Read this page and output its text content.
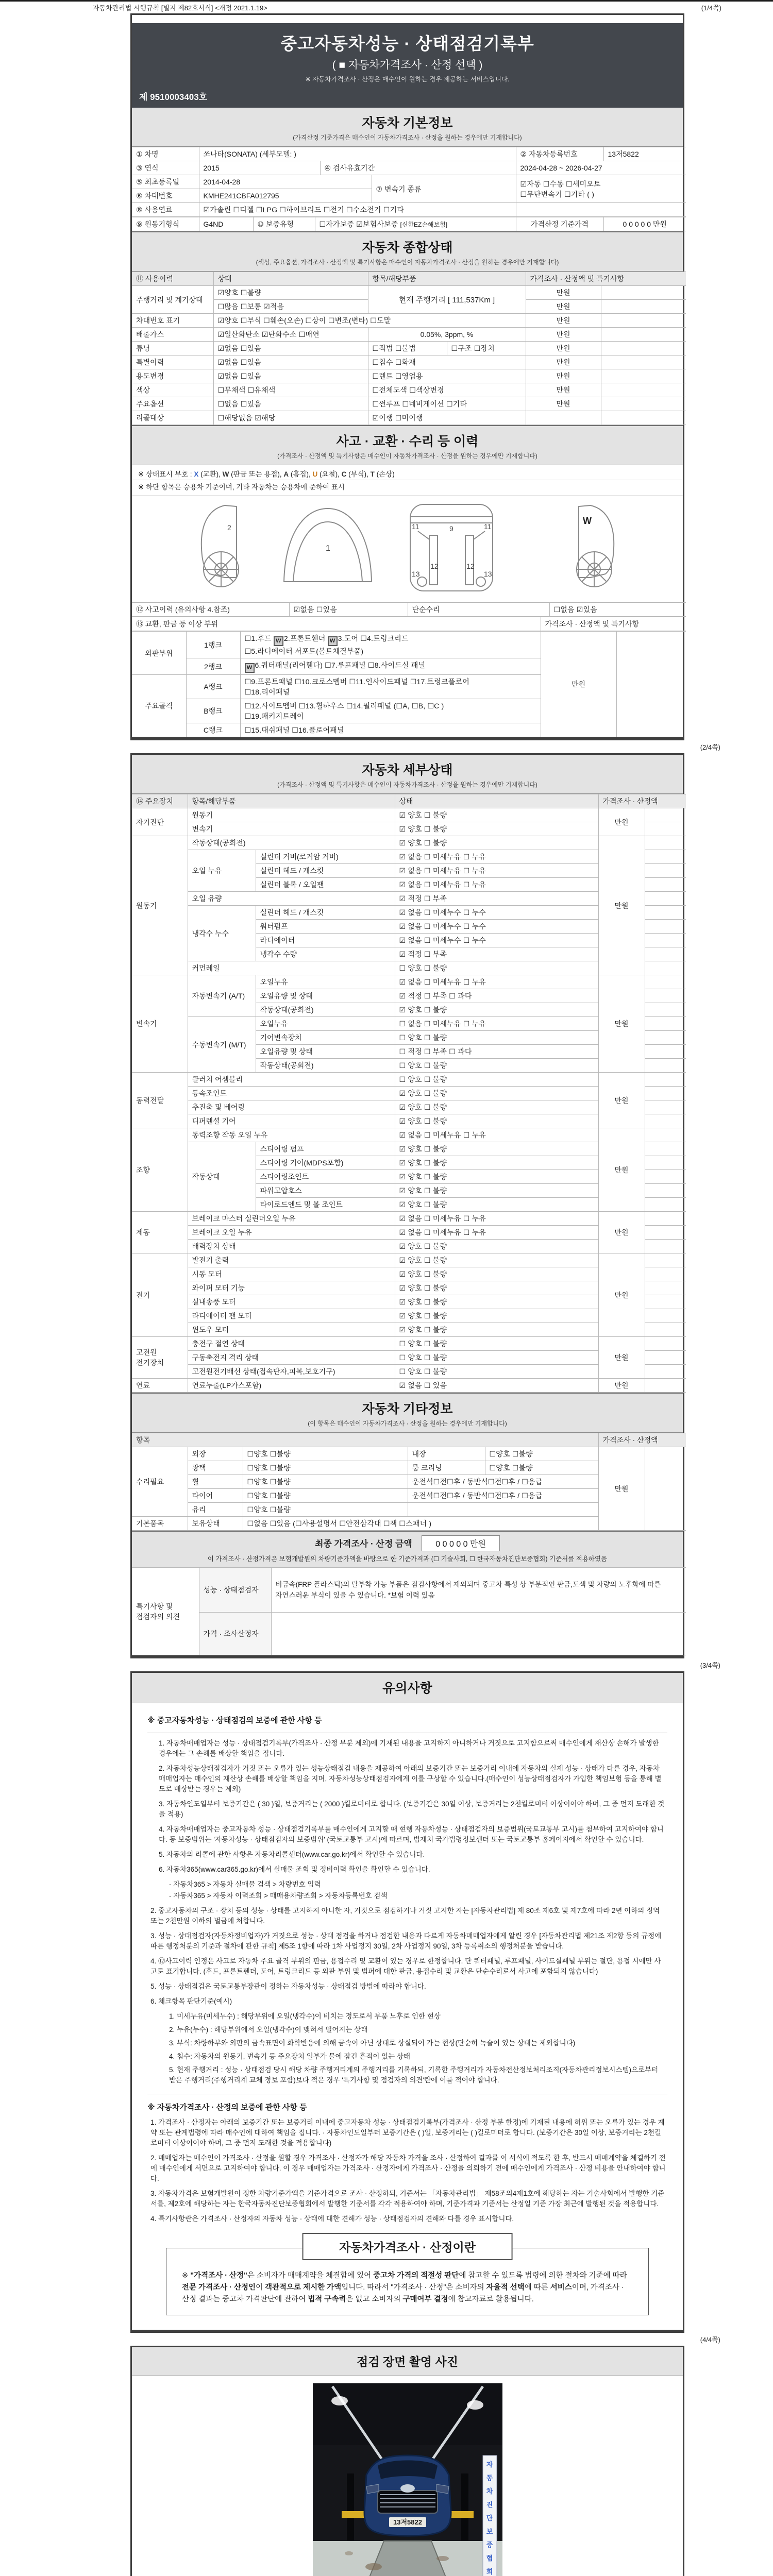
자동차관리법 시행규칙 [별지 제82호서식] <개정 2021.1.19>	(1/4쪽)
중고자동차성능 · 상태점검기록부
( ■ 자동차가격조사 · 산정 선택 )
※ 자동차가격조사 · 산정은 매수인이 원하는 경우 제공하는 서비스입니다.
제 9510003403호
자동차 기본정보
(가격산정 기준가격은 매수인이 자동차가격조사 · 산정을 원하는 경우에만 기재합니다)
① 차명	쏘나타(SONATA) (세부모델: )			② 자동차등록번호	13저5822
③ 연식	2015	④ 검사유효기간		2024-04-28 ~ 2026-04-27	
⑤ 최초등록일	2014-04-28		⑦ 변속기 종류	☑자동 ☐수동 ☐세미오토
☐무단변속기 ☐기타 ( )	
⑥ 차대번호	KMHE241CBFA012795				
⑧ 사용연료	☑가솔린 ☐디젤 ☐LPG ☐하이브리드 ☐전기 ☐수소전기 ☐기타				
⑨ 원동기형식	G4ND	⑩ 보증유형	☐자가보증 ☑보험사보증 [신한EZ손해보험]	가격산정 기준가격	0 0 0 0 0 만원
자동차 종합상태
(색상, 주요옵션, 가격조사 · 산정액 및 특기사항은 매수인이 자동차가격조사 · 산정을 원하는 경우에만 기재합니다)
⑪ 사용이력	상태	항목/해당부품		가격조사 · 산정액 및 특기사항	
주행거리 및 계기상태	☑양호 ☐불량	현재 주행거리 [ 111,537Km ]		만원	
	☐많음 ☐보통 ☑적음			만원	
차대번호 표기	☑양호 ☐부식 ☐훼손(오손) ☐상이 ☐변조(변타) ☐도말			만원	
배출가스	☑일산화탄소 ☑탄화수소 ☐매연	0.05%, 3ppm, %		만원	
튜닝	☑없음 ☐있음	☐적법 ☐불법	☐구조 ☐장치	만원	
특별이력	☑없음 ☐있음	☐침수 ☐화재		만원	
용도변경	☑없음 ☐있음	☐렌트 ☐영업용		만원	
색상	☐무채색 ☐유채색	☐전체도색 ☐색상변경		만원	
주요옵션	☐없음 ☐있음	☐썬루프 ☐네비게이션 ☐기타		만원	
리콜대상	☐해당없음 ☑해당	☑이행 ☐미이행			
사고 · 교환 · 수리 등 이력
(가격조사 · 산정액 및 특기사항은 매수인이 자동차가격조사 · 산정을 원하는 경우에만 기재합니다)
※ 상태표시 부호 : X (교환), W (판금 또는 용접), A (흠집), U (요철), C (부식), T (손상)
※ 하단 항목은 승용차 기준이며, 기타 자동차는 승용차에 준하여 표시
2
1
9
11	11
13	13
12	12
W
⑫ 사고이력 (유의사항 4.참조)	☑없음 ☐있음	단순수리	☐없음 ☑있음
⑬ 교환, 판금 등 이상 부위	가격조사 · 산정액 및 특기사항
외판부위	1랭크	☐1.후드 W 2.프론트휀더 W 3.도어 ☐4.트렁크리드
☐5.라디에이터 서포트(볼트체결부품)	만원	
	2랭크	W 6.쿼터패널(리어휀다) ☐7.루프패널 ☐8.사이드실 패널		
주요골격	A랭크	☐9.프론트패널 ☐10.크로스멤버 ☐11.인사이드패널 ☐17.트렁크플로어
☐18.리어패널		
	B랭크	☐12.사이드멤버 ☐13.휠하우스 ☐14.필러패널 (☐A, ☐B, ☐C )
☐19.패키지트레이		
	C랭크	☐15.대쉬패널 ☐16.플로어패널		
(2/4쪽)
자동차 세부상태
(가격조사 · 산정액 및 특기사항은 매수인이 자동차가격조사 · 산정을 원하는 경우에만 기재합니다)
⑭ 주요장치	항목/해당부품		상태	가격조사 · 산정액	
자기진단	원동기		☑ 양호 ☐ 불량	만원	
	변속기		☑ 양호 ☐ 불량		
원동기	작동상태(공회전)		☑ 양호 ☐ 불량	만원	
	오일 누유	실린더 커버(로커암 커버)	☑ 없음 ☐ 미세누유 ☐ 누유		
		실린더 헤드 / 개스킷	☑ 없음 ☐ 미세누유 ☐ 누유		
		실린더 블록 / 오일팬	☑ 없음 ☐ 미세누유 ☐ 누유		
	오일 유량		☑ 적정 ☐ 부족		
	냉각수 누수	실린더 헤드 / 개스킷	☑ 없음 ☐ 미세누수 ☐ 누수		
		워터펌프	☑ 없음 ☐ 미세누수 ☐ 누수		
		라디에이터	☑ 없음 ☐ 미세누수 ☐ 누수		
		냉각수 수량	☑ 적정 ☐ 부족		
	커먼레일		☐ 양호 ☐ 불량		
변속기	자동변속기 (A/T)	오일누유	☑ 없음 ☐ 미세누유 ☐ 누유	만원	
		오일유량 및 상태	☑ 적정 ☐ 부족 ☐ 과다		
		작동상태(공회전)	☑ 양호 ☐ 불량		
	수동변속기 (M/T)	오일누유	☐ 없음 ☐ 미세누유 ☐ 누유		
		기어변속장치	☐ 양호 ☐ 불량		
		오일유량 및 상태	☐ 적정 ☐ 부족 ☐ 과다		
		작동상태(공회전)	☐ 양호 ☐ 불량		
동력전달	클러치 어셈블리		☐ 양호 ☐ 불량	만원	
	등속조인트		☑ 양호 ☐ 불량		
	추진축 및 베어링		☑ 양호 ☐ 불량		
	디퍼렌셜 기어		☑ 양호 ☐ 불량		
조향	동력조향 작동 오일 누유		☑ 없음 ☐ 미세누유 ☐ 누유	만원	
	작동상태	스티어링 펌프	☑ 양호 ☐ 불량		
		스티어링 기어(MDPS포함)	☑ 양호 ☐ 불량		
		스티어링조인트	☑ 양호 ☐ 불량		
		파워고압호스	☑ 양호 ☐ 불량		
		타이로드엔드 및 볼 조인트	☑ 양호 ☐ 불량		
제동	브레이크 마스터 실린더오일 누유		☑ 없음 ☐ 미세누유 ☐ 누유	만원	
	브레이크 오일 누유		☑ 없음 ☐ 미세누유 ☐ 누유		
	배력장치 상태		☑ 양호 ☐ 불량		
전기	발전기 출력		☑ 양호 ☐ 불량	만원	
	시동 모터		☑ 양호 ☐ 불량		
	와이퍼 모터 기능		☑ 양호 ☐ 불량		
	실내송풍 모터		☑ 양호 ☐ 불량		
	라디에이터 팬 모터		☑ 양호 ☐ 불량		
	윈도우 모터		☑ 양호 ☐ 불량		
고전원 전기장치	충전구 절연 상태		☐ 양호 ☐ 불량	만원	
	구동축전지 격리 상태		☐ 양호 ☐ 불량		
	고전원전기배선 상태(접속단자,피복,보호기구)		☐ 양호 ☐ 불량		
연료	연료누출(LP가스포함)		☑ 없음 ☐ 있음	만원	
자동차 기타정보
(이 항목은 매수인이 자동차가격조사 · 산정을 원하는 경우에만 기재합니다)
항목					가격조사 · 산정액	
수리필요	외장	☐양호 ☐불량	내장	☐양호 ☐불량	만원	
	광택	☐양호 ☐불량	룸 크리닝	☐양호 ☐불량		
	휠	☐양호 ☐불량	운전석☐전☐후 / 동반석☐전☐후 / ☐응급			
	타이어	☐양호 ☐불량	운전석☐전☐후 / 동반석☐전☐후 / ☐응급			
	유리	☐양호 ☐불량				
기본품목	보유상태	☐없음 ☐있음 (☐사용설명서 ☐안전삼각대 ☐잭 ☐스패너 )				
최종 가격조사 · 산정 금액	0 0 0 0 0 만원
이 가격조사 · 산정가격은 보험개발원의 차량기준가액을 바탕으로 한 기준가격과 (☐ 기술사회, ☐ 한국자동차진단보증협회) 기준서를 적용하였음
특기사항 및 점검자의 의견	성능 · 상태점검자	비금속(FRP 플라스틱)의 탈부착 가능 부품은 점검사항에서 제외되며 중고차 특성 상 부분적인 판금,도색 및 차량의 노후화에 따른 자연스러운 부식이 있을 수 있습니다. *보험 이력 있음
	가격 · 조사산정자	
(3/4쪽)
유의사항
※ 중고자동차성능 · 상태점검의 보증에 관한 사항 등

1. 자동차매매업자는 성능 · 상태점검기록부(가격조사 · 산정 부분 제외)에 기재된 내용을 고지하지 아니하거나 거짓으로 고지함으로써 매수인에게 재산상 손해가 발생한 경우에는 그 손해를 배상할 책임을 집니다.

2. 자동차성능상태점검자가 거짓 또는 오류가 있는 성능상태점검 내용을 제공하여 아래의 보증기간 또는 보증거리 이내에 자동차의 실제 성능 · 상태가 다른 경우, 자동차매매업자는 매수인의 재산상 손해를 배상할 책임을 지며, 자동차성능상태점검자에게 이를 구상할 수 있습니다.(매수인이 성능상태점검자가 가입한 책임보험 등을 통해 별도로 배상받는 경우는 제외)

3. 자동차인도일부터 보증기간은 ( 30 )일, 보증거리는 ( 2000 )킬로미터로 합니다. (보증기간은 30일 이상, 보증거리는 2천킬로미터 이상이어야 하며, 그 중 먼저 도래한 것을 적용)

4. 자동차매매업자는 중고자동차 성능 · 상태점검기록부를 매수인에게 고지할 때 현행 자동차성능 · 상태점검자의 보증범위(국토교통부 고시)를 첨부하여 고지하여야 합니다. 동 보증범위는 '자동차성능 · 상태점검자의 보증범위' (국토교통부 고시)에 따르며, 법제처 국가법령정보센터 또는 국토교통부 홈페이지에서 확인할 수 있습니다.

5. 자동차의 리콜에 관한 사항은 자동차리콜센터(www.car.go.kr)에서 확인할 수 있습니다.

6. 자동차365(www.car365.go.kr)에서 실매물 조회 및 정비이력 확인을 확인할 수 있습니다.

- 자동차365 > 자동차 실매물 검색 > 차량번호 입력

- 자동차365 > 자동차 이력조회 > 매매용차량조회 > 자동차등록번호 검색

2. 중고자동차의 구조 · 장치 등의 성능 · 상태를 고지하지 아니한 자, 거짓으로 점검하거나 거짓 고지한 자는 [자동차관리법] 제 80조 제6호 및 제7호에 따라 2년 이하의 징역 또는 2천만원 이하의 벌금에 처합니다.

3. 성능 · 상태점검자(자동차정비업자)가 거짓으로 성능 · 상태 점검을 하거나 점검한 내용과 다르게 자동차매매업자에게 알린 경우 [자동차관리법 제21조 제2항 등의 규정에 따른 행정처분의 기준과 절차에 관한 규칙] 제5조 1항에 따라 1차 사업정지 30일, 2차 사업정지 90일, 3차 등록취소의 행정처분을 받습니다.

4. ⑫사고이력 인정은 사고로 자동차 주요 골격 부위의 판금, 용접수리 및 교환이 있는 경우로 한정합니다. 단 쿼터패널, 루프패널, 사이드실패널 부위는 절단, 용접 시에만 사고로 표기합니다. (후드, 프론트펜더, 도어, 트렁크리드 등 외판 부위 및 범퍼에 대한 판금, 용접수리 및 교환은 단순수리로서 사고에 포함되지 않습니다)

5. 성능 · 상태점검은 국토교통부장관이 정하는 자동차성능 · 상태점검 방법에 따라야 합니다.

6. 체크항목 판단기준(예시)

1. 미세누유(미세누수) : 해당부위에 오일(냉각수)이 비치는 정도로서 부품 노후로 인한 현상

2. 누유(누수) : 해당부위에서 오일(냉각수)이 맺혀서 떨어지는 상태

3. 부식: 차량하부와 외판의 금속표면이 화학반응에 의해 금속이 아닌 상태로 상실되어 가는 현상(단순히 녹슬어 있는 상태는 제외합니다)

4. 침수: 자동차의 원동기, 변속기 등 주요장치 일부가 물에 잠긴 흔적이 있는 상태

5. 현재 주행거리 : 성능 · 상태점검 당시 해당 차량 주행거리계의 주행거리를 기록하되, 기록한 주행거리가 자동차전산정보처리조직(자동차관리정보시스템)으로부터 받은 주행거리(주행거리계 교체 정보 포함)보다 적은 경우 '특기사항 및 점검자의 의견'란에 이를 적어야 합니다.

※ 자동차가격조사 · 산정의 보증에 관한 사항 등

1. 가격조사 · 산정자는 아래의 보증기간 또는 보증거리 이내에 중고자동차 성능 · 상태점검기록부(가격조사 · 산정 부분 한정)에 기재된 내용에 허위 또는 오류가 있는 경우 계약 또는 관계법령에 따라 매수인에 대하여 책임을 집니다. · 자동차인도일부터 보증기간은 ( )일, 보증거리는 ( )킬로미터로 합니다. (보증기간은 30일 이상, 보증거리는 2천킬로미터 이상이어야 하며, 그 중 먼저 도래한 것을 적용합니다)

2. 매매업자는 매수인이 가격조사 · 산정을 원할 경우 가격조사 · 산정자가 해당 자동차 가격을 조사 · 산정하여 결과를 이 서식에 적도록 한 후, 반드시 매매계약을 체결하기 전에 매수인에게 서면으로 고지하여야 합니다. 이 경우 매매업자는 가격조사 · 산정자에게 가격조사 · 산정을 의뢰하기 전에 매수인에게 가격조사 · 산정 비용을 안내하여야 합니다.

3. 자동차가격은 보험개발원이 정한 차량기준가액을 기준가격으로 조사 · 산정하되, 기준서는 「자동차관리법」 제58조의4제1호에 해당하는 자는 기술사회에서 발행한 기준서를, 제2호에 해당하는 자는 한국자동차진단보증협회에서 발행한 기준서를 각각 적용하여야 하며, 기준가격과 기준서는 산정일 기준 가장 최근에 발행된 것을 적용합니다.

4. 특기사항란은 가격조사 · 산정자의 자동차 성능 · 상태에 대한 견해가 성능 · 상태점검자의 견해와 다를 경우 표시합니다.

자동차가격조사 · 산정이란

※ "가격조사 · 산정"은 소비자가 매매계약을 체결함에 있어 중고차 가격의 적절성 판단에 참고할 수 있도록 법령에 의한 절차와 기준에 따라 전문 가격조사 · 산정인이 객관적으로 제시한 가액입니다. 따라서 "가격조사 · 산정"은 소비자의 자율적 선택에 따른 서비스이며, 가격조사 · 산정 결과는 중고차 가격판단에 관하여 법적 구속력은 없고 소비자의 구매여부 결정에 참고자료로 활용됩니다.

(4/4쪽)
점검 장면 촬영 사진
13저5822
자 동 차 진 단 보 증 협 회
